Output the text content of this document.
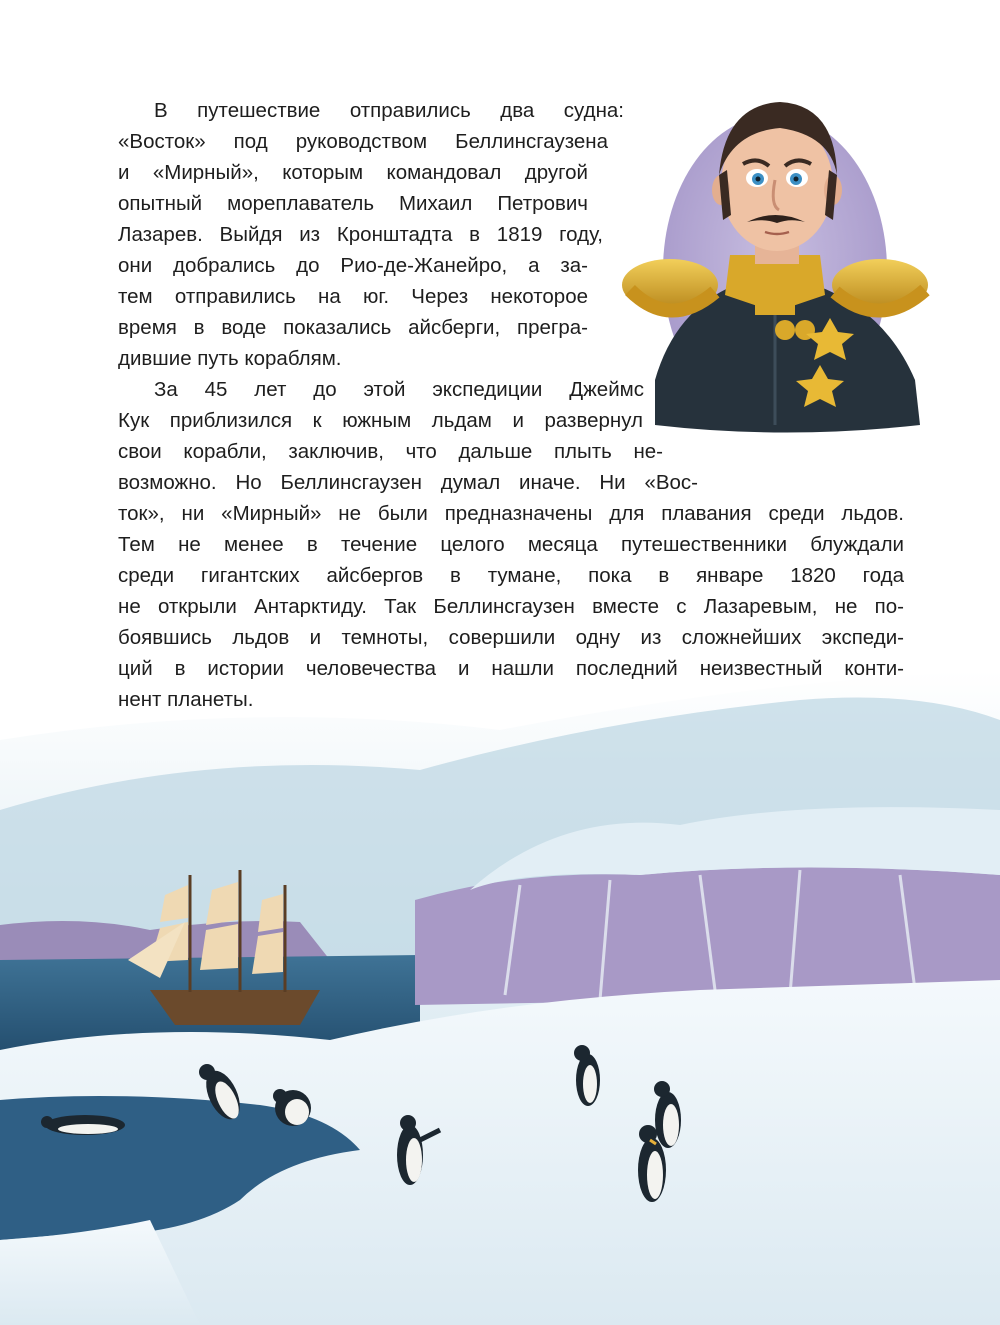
В путешествие отправились два судна:
«Восток» под руководством Беллинсгаузена
и «Мирный», которым командовал другой
опытный мореплаватель Михаил Петрович
Лазарев. Выйдя из Кронштадта в 1819 году,
они добрались до Рио-де-Жанейро, а за-
тем отправились на юг. Через некоторое
время в воде показались айсберги, прегра-
дившие путь кораблям.
За 45 лет до этой экспедиции Джеймс
Кук приблизился к южным льдам и развернул
свои корабли, заключив, что дальше плыть не-
возможно. Но Беллинсгаузен думал иначе. Ни «Вос-
ток», ни «Мирный» не были предназначены для плавания среди льдов.
Тем не менее в течение целого месяца путешественники блуждали
среди гигантских айсбергов в тумане, пока в январе 1820 года
не открыли Антарктиду. Так Беллинсгаузен вместе с Лазаревым, не по-
боявшись льдов и темноты, совершили одну из сложнейших экспеди-
ций в истории человечества и нашли последний неизвестный конти-
нент планеты.
